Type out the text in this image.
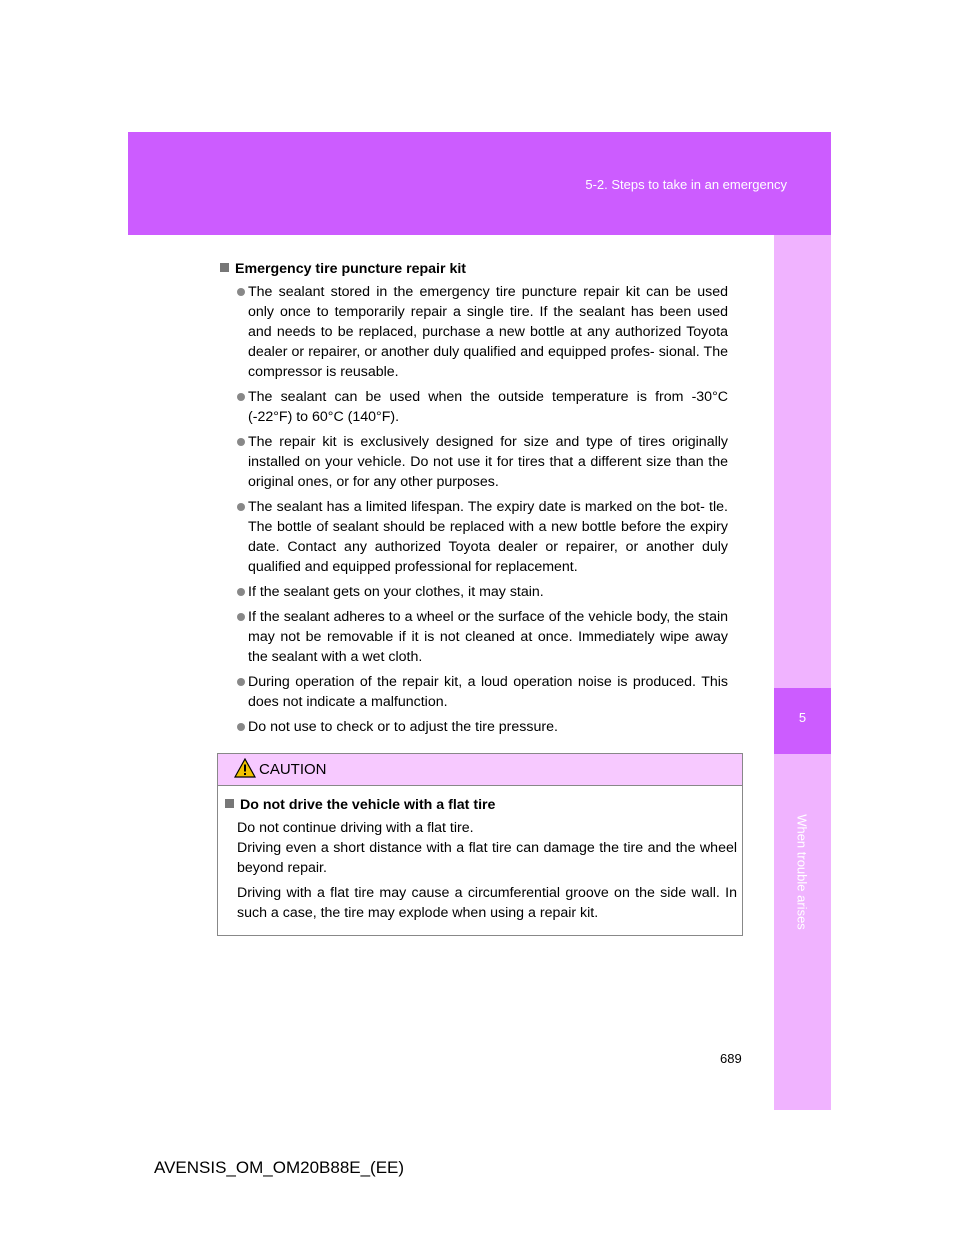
5-2. Steps to take in an emergency
5
When trouble arises
Emergency tire puncture repair kit
The sealant stored in the emergency tire puncture repair kit can be used only once to temporarily repair a single tire. If the sealant has been used and needs to be replaced, purchase a new bottle at any authorized Toyota dealer or repairer, or another duly qualified and equipped profes- sional. The compressor is reusable.
The sealant can be used when the outside temperature is from -30°C (-22°F) to 60°C (140°F).
The repair kit is exclusively designed for size and type of tires originally installed on your vehicle. Do not use it for tires that a different size than the original ones, or for any other purposes.
The sealant has a limited lifespan. The expiry date is marked on the bot- tle. The bottle of sealant should be replaced with a new bottle before the expiry date. Contact any authorized Toyota dealer or repairer, or another duly qualified and equipped professional for replacement.
If the sealant gets on your clothes, it may stain.
If the sealant adheres to a wheel or the surface of the vehicle body, the stain may not be removable if it is not cleaned at once. Immediately wipe away the sealant with a wet cloth.
During operation of the repair kit, a loud operation noise is produced. This does not indicate a malfunction.
Do not use to check or to adjust the tire pressure.
CAUTION
Do not drive the vehicle with a flat tire
Do not continue driving with a flat tire.
Driving even a short distance with a flat tire can damage the tire and the wheel beyond repair.
Driving with a flat tire may cause a circumferential groove on the side wall. In such a case, the tire may explode when using a repair kit.
689
AVENSIS_OM_OM20B88E_(EE)
